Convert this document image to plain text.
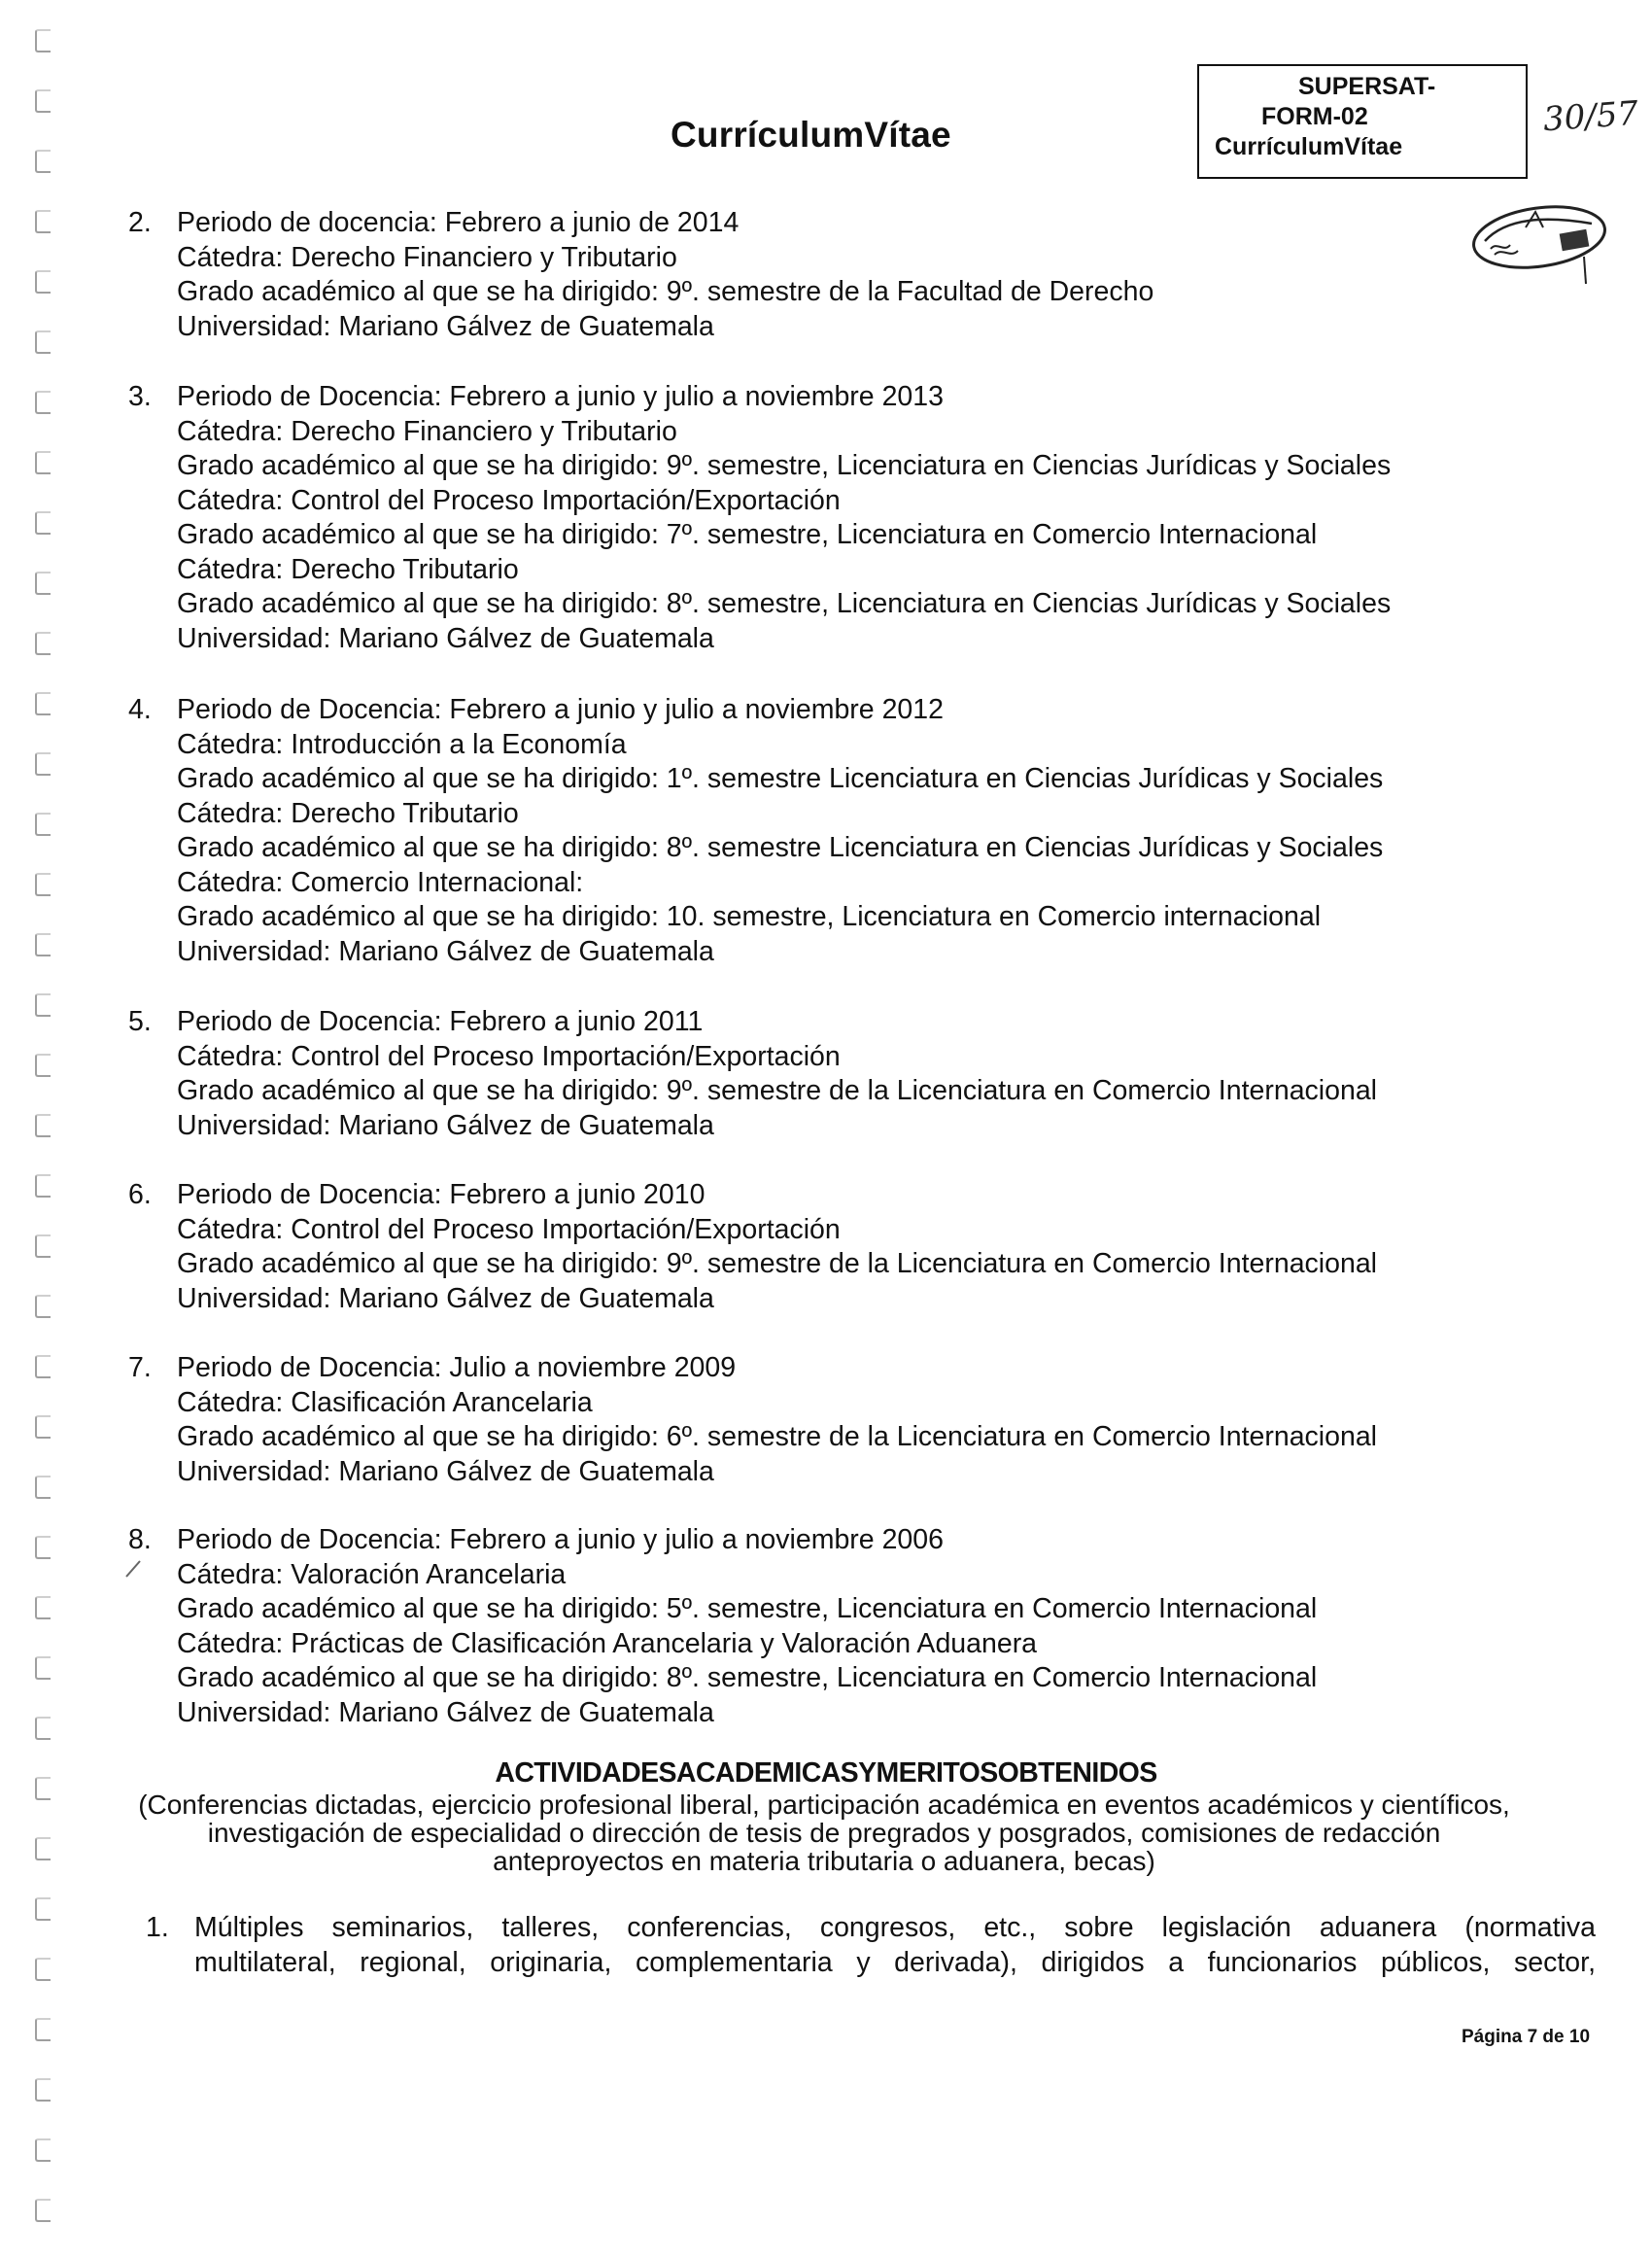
CurrículumVítae
SUPERSAT-
FORM-02
CurrículumVítae
30/57
2. Periodo de docencia: Febrero a junio de 2014
Cátedra: Derecho Financiero y Tributario
Grado académico al que se ha dirigido: 9º. semestre de la Facultad de Derecho
Universidad: Mariano Gálvez de Guatemala
3. Periodo de Docencia: Febrero a junio y julio a noviembre 2013
Cátedra: Derecho Financiero y Tributario
Grado académico al que se ha dirigido: 9º. semestre, Licenciatura en Ciencias Jurídicas y Sociales
Cátedra: Control del Proceso Importación/Exportación
Grado académico al que se ha dirigido: 7º. semestre, Licenciatura en Comercio Internacional
Cátedra: Derecho Tributario
Grado académico al que se ha dirigido: 8º. semestre, Licenciatura en Ciencias Jurídicas y Sociales
Universidad: Mariano Gálvez de Guatemala
4. Periodo de Docencia: Febrero a junio y julio a noviembre 2012
Cátedra: Introducción a la Economía
Grado académico al que se ha dirigido: 1º. semestre Licenciatura en Ciencias Jurídicas y Sociales
Cátedra: Derecho Tributario
Grado académico al que se ha dirigido: 8º. semestre Licenciatura en Ciencias Jurídicas y Sociales
Cátedra: Comercio Internacional:
Grado académico al que se ha dirigido: 10. semestre, Licenciatura en Comercio internacional
Universidad: Mariano Gálvez de Guatemala
5. Periodo de Docencia: Febrero a junio 2011
Cátedra: Control del Proceso Importación/Exportación
Grado académico al que se ha dirigido: 9º. semestre de la Licenciatura en Comercio Internacional
Universidad: Mariano Gálvez de Guatemala
6. Periodo de Docencia: Febrero a junio 2010
Cátedra: Control del Proceso Importación/Exportación
Grado académico al que se ha dirigido: 9º. semestre de la Licenciatura en Comercio Internacional
Universidad: Mariano Gálvez de Guatemala
7. Periodo de Docencia: Julio a noviembre 2009
Cátedra: Clasificación Arancelaria
Grado académico al que se ha dirigido: 6º. semestre de la Licenciatura en Comercio Internacional
Universidad: Mariano Gálvez de Guatemala
8. Periodo de Docencia: Febrero a junio y julio a noviembre 2006
Cátedra: Valoración Arancelaria
Grado académico al que se ha dirigido: 5º. semestre, Licenciatura en Comercio Internacional
Cátedra: Prácticas de Clasificación Arancelaria y Valoración Aduanera
Grado académico al que se ha dirigido: 8º. semestre, Licenciatura en Comercio Internacional
Universidad: Mariano Gálvez de Guatemala
ACTIVIDADESACADEMICASYMERITOSOBTENIDOS
(Conferencias dictadas, ejercicio profesional liberal, participación académica en eventos académicos y científicos,
investigación de especialidad o dirección de tesis de pregrados y posgrados, comisiones de redacción
anteproyectos en materia tributaria o aduanera, becas)
1. Múltiples seminarios, talleres, conferencias, congresos, etc., sobre legislación aduanera (normativa
multilateral, regional, originaria, complementaria y derivada), dirigidos a funcionarios públicos, sector,
Página 7 de 10
